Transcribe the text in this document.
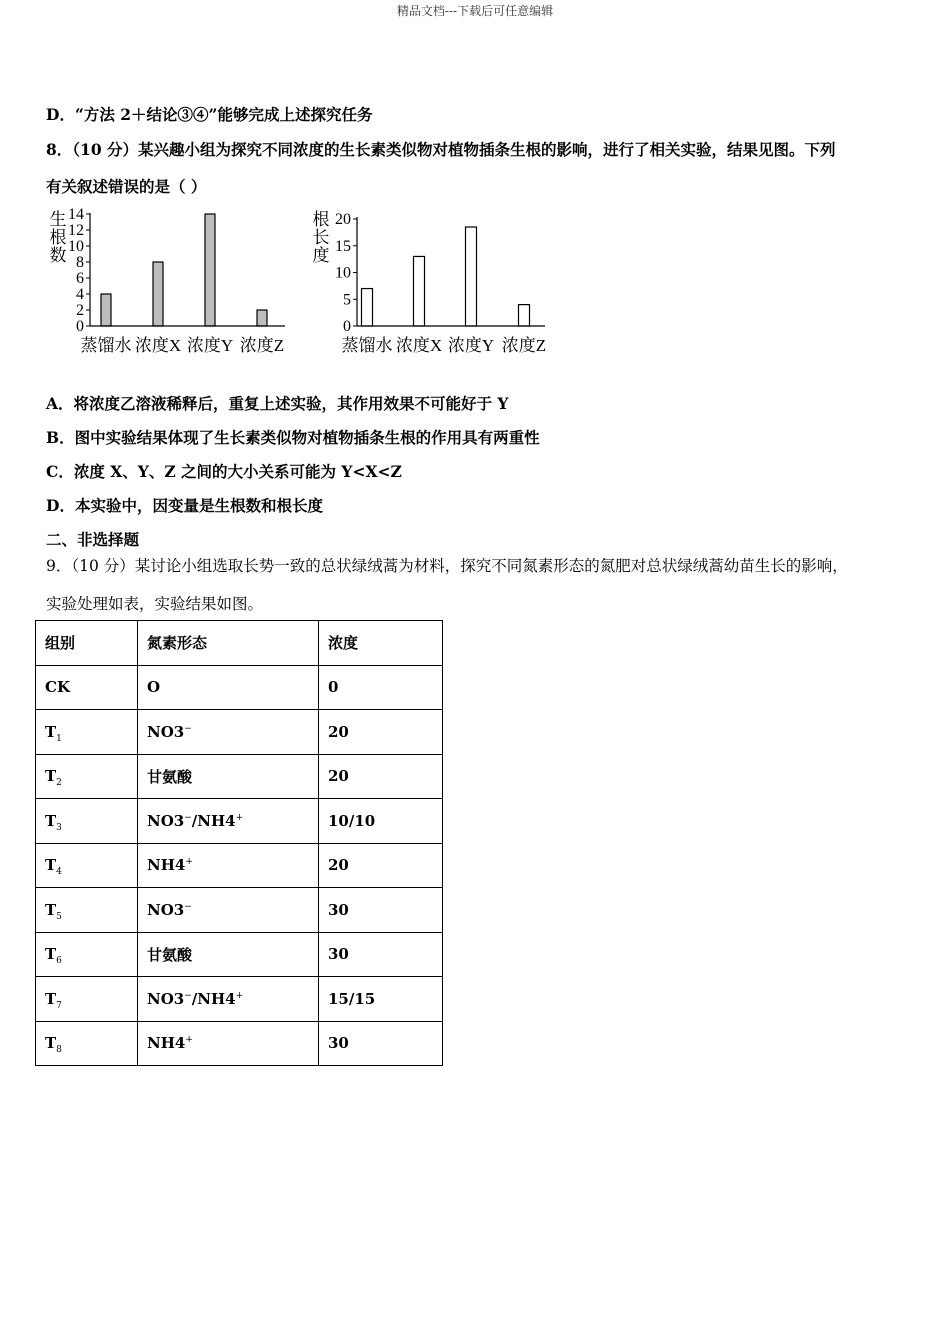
精品文档---下载后可任意编辑
D．“方法 2＋结论③④”能够完成上述探究任务
8．（10 分）某兴趣小组为探究不同浓度的生长素类似物对植物插条生根的影响，进行了相关实验，结果见图。下列
有关叙述错误的是（ ）
生
根
数
0
2
4
6
8
10
12
14
蒸馏水 浓度X 浓度Y 浓度Z
根
长
度
0
5
10
15
20
蒸馏水 浓度X 浓度Y 浓度Z
A．将浓度乙溶液稀释后，重复上述实验，其作用效果不可能好于 Y
B．图中实验结果体现了生长素类似物对植物插条生根的作用具有两重性
C．浓度 X、Y、Z 之间的大小关系可能为 Y<X<Z
D．本实验中，因变量是生根数和根长度
二、非选择题
9．（10 分）某讨论小组选取长势一致的总状绿绒蒿为材料，探究不同氮素形态的氮肥对总状绿绒蒿幼苗生长的影响，
实验处理如表，实验结果如图。
组别	氮素形态	浓度
CK	O	0
$T_1$	NO3−	20
$T_2$	甘氨酸	20
$T_3$	NO3−/NH4+	10/10
$T_4$	NH4+	20
$T_5$	NO3−	30
$T_6$	甘氨酸	30
$T_7$	NO3−/NH4+	15/15
$T_8$	NH4+	30
